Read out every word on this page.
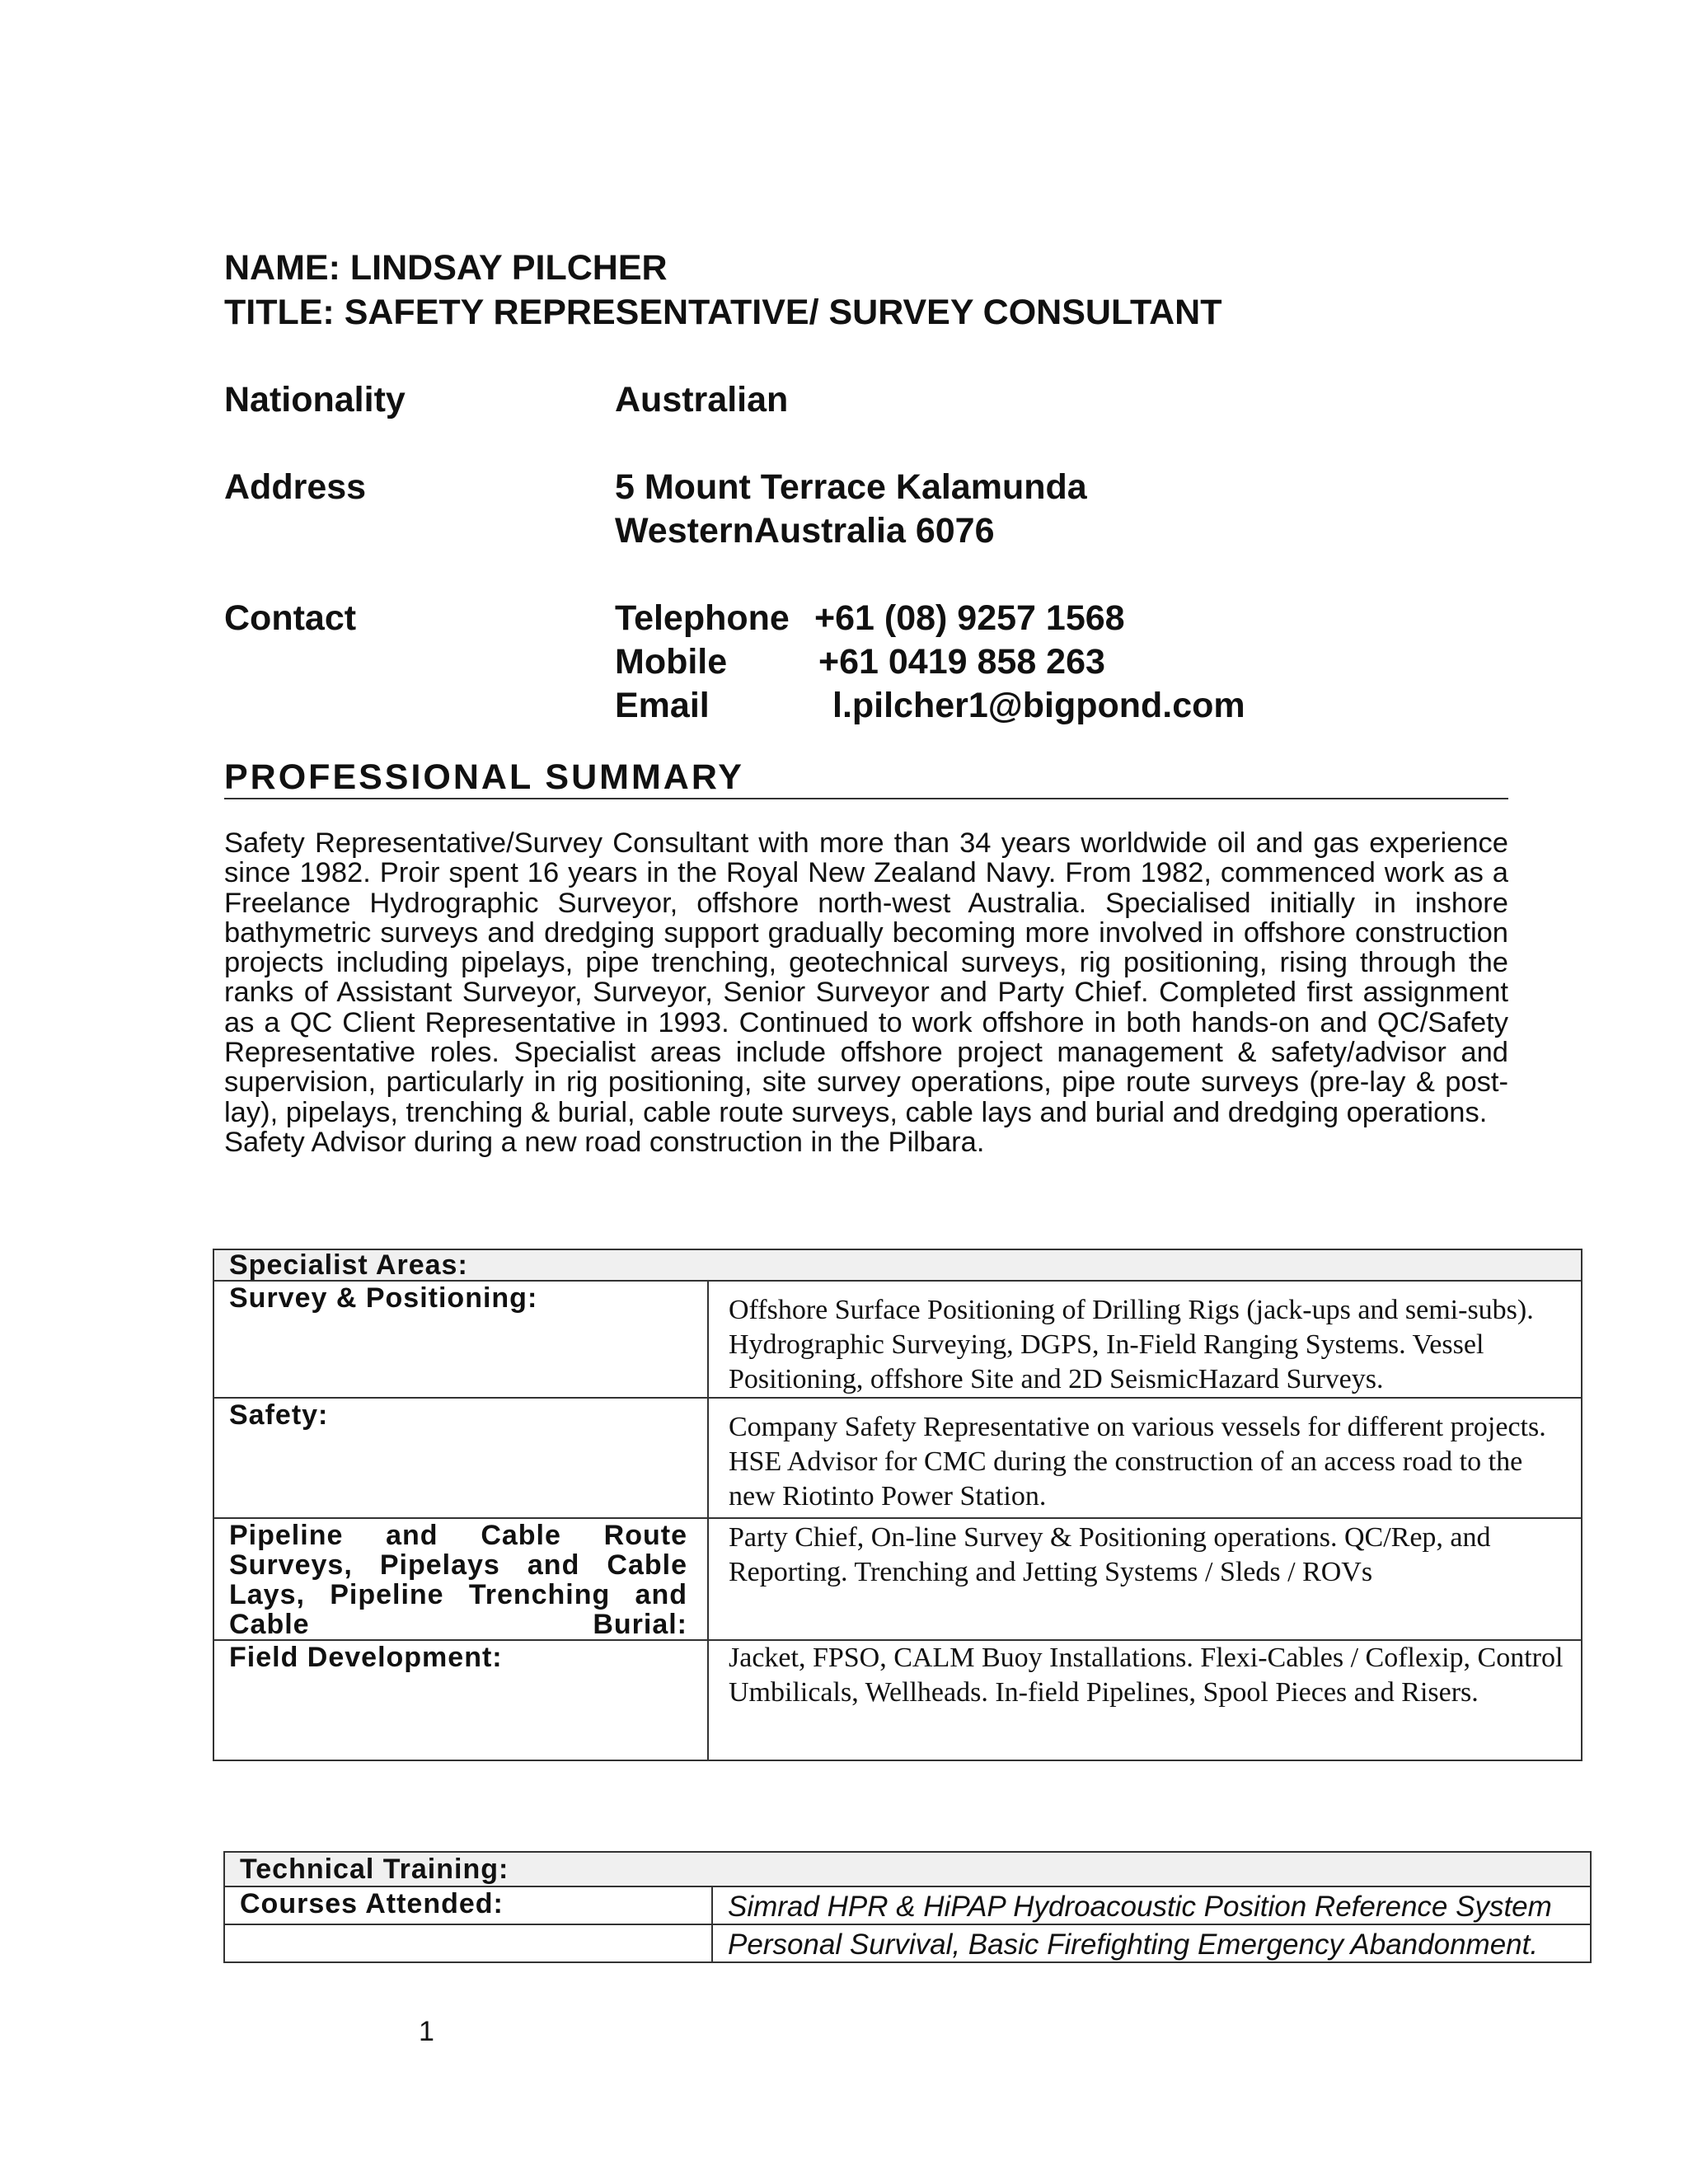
NAME: LINDSAY PILCHER
TITLE: SAFETY REPRESENTATIVE/ SURVEY CONSULTANT
Nationality	Australian
Address	5 Mount Terrace Kalamunda
WesternAustralia 6076
Contact	Telephone +61 (08) 9257 1568
Mobile	+61 0419 858 263
Email	l.pilcher1@bigpond.com
PROFESSIONAL SUMMARY

Safety Representative/Survey Consultant with more than 34 years worldwide oil and gas experience since 1982. Proir spent 16 years in the Royal New Zealand Navy. From 1982, commenced work as a Freelance Hydrographic Surveyor, offshore north-west Australia. Specialised initially in inshore bathymetric surveys and dredging support gradually becoming more involved in offshore construction projects including pipelays, pipe trenching, geotechnical surveys, rig positioning, rising through the ranks of Assistant Surveyor, Surveyor, Senior Surveyor and Party Chief. Completed first assignment as a QC Client Representative in 1993. Continued to work offshore in both hands-on and QC/Safety Representative roles. Specialist areas include offshore project management & safety/advisor and supervision, particularly in rig positioning, site survey operations, pipe route surveys (pre-lay & post-lay), pipelays, trenching & burial, cable route surveys, cable lays and burial and dredging operations.

Safety Advisor during a new road construction in the Pilbara.

Specialist Areas:	
Survey & Positioning:	Offshore Surface Positioning of Drilling Rigs (jack-ups and semi-subs). Hydrographic Surveying, DGPS, In-Field Ranging Systems. Vessel Positioning, offshore Site and 2D SeismicHazard Surveys.
Safety:	Company Safety Representative on various vessels for different projects. HSE Advisor for CMC during the construction of an access road to the new Riotinto Power Station.
Pipeline and Cable Route Surveys, Pipelays and Cable Lays, Pipeline Trenching and Cable Burial:	Party Chief, On-line Survey & Positioning operations. QC/Rep, and Reporting. Trenching and Jetting Systems / Sleds / ROVs
Field Development:	Jacket, FPSO, CALM Buoy Installations. Flexi-Cables / Coflexip, Control Umbilicals, Wellheads. In-field Pipelines, Spool Pieces and Risers.
Technical Training:	
Courses Attended:	Simrad HPR & HiPAP Hydroacoustic Position Reference System
	Personal Survival, Basic Firefighting Emergency Abandonment.
1
